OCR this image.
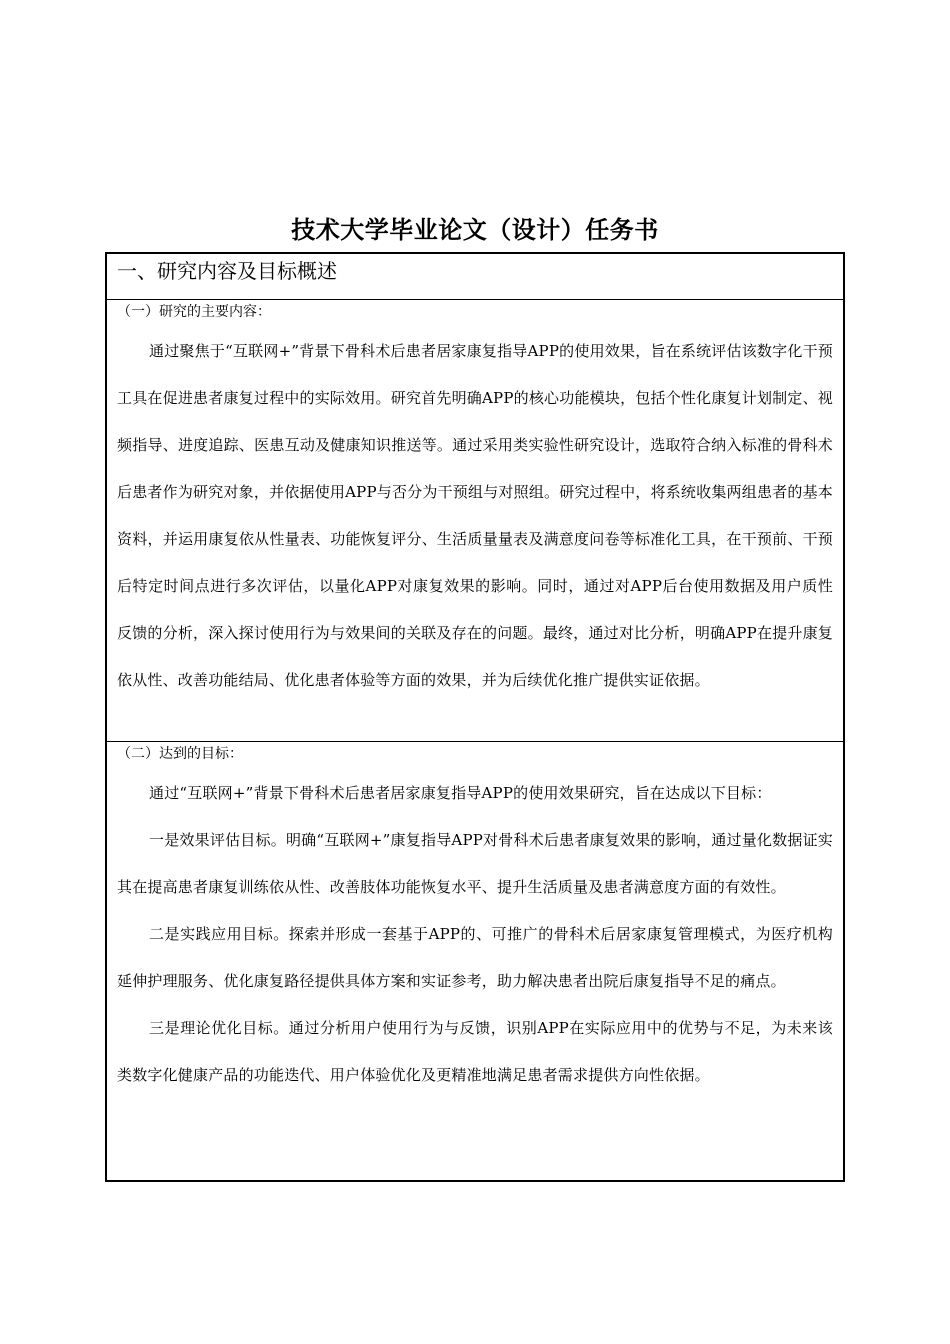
技术大学毕业论文（设计）任务书
一、研究内容及目标概述

（一）研究的主要内容：

通过聚焦于“互联网+”背景下骨科术后患者居家康复指导APP的使用效果，旨在系统评估该数字化干预工具在促进患者康复过程中的实际效用。研究首先明确APP的核心功能模块，包括个性化康复计划制定、视频指导、进度追踪、医患互动及健康知识推送等。通过采用类实验性研究设计，选取符合纳入标准的骨科术后患者作为研究对象，并依据使用APP与否分为干预组与对照组。研究过程中，将系统收集两组患者的基本资料，并运用康复依从性量表、功能恢复评分、生活质量量表及满意度问卷等标准化工具，在干预前、干预后特定时间点进行多次评估，以量化APP对康复效果的影响。同时，通过对APP后台使用数据及用户质性反馈的分析，深入探讨使用行为与效果间的关联及存在的问题。最终，通过对比分析，明确APP在提升康复依从性、改善功能结局、优化患者体验等方面的效果，并为后续优化推广提供实证依据。

（二）达到的目标：

通过“互联网+”背景下骨科术后患者居家康复指导APP的使用效果研究，旨在达成以下目标：

一是效果评估目标。明确“互联网+”康复指导APP对骨科术后患者康复效果的影响，通过量化数据证实其在提高患者康复训练依从性、改善肢体功能恢复水平、提升生活质量及患者满意度方面的有效性。

二是实践应用目标。探索并形成一套基于APP的、可推广的骨科术后居家康复管理模式，为医疗机构延伸护理服务、优化康复路径提供具体方案和实证参考，助力解决患者出院后康复指导不足的痛点。

三是理论优化目标。通过分析用户使用行为与反馈，识别APP在实际应用中的优势与不足，为未来该类数字化健康产品的功能迭代、用户体验优化及更精准地满足患者需求提供方向性依据。
